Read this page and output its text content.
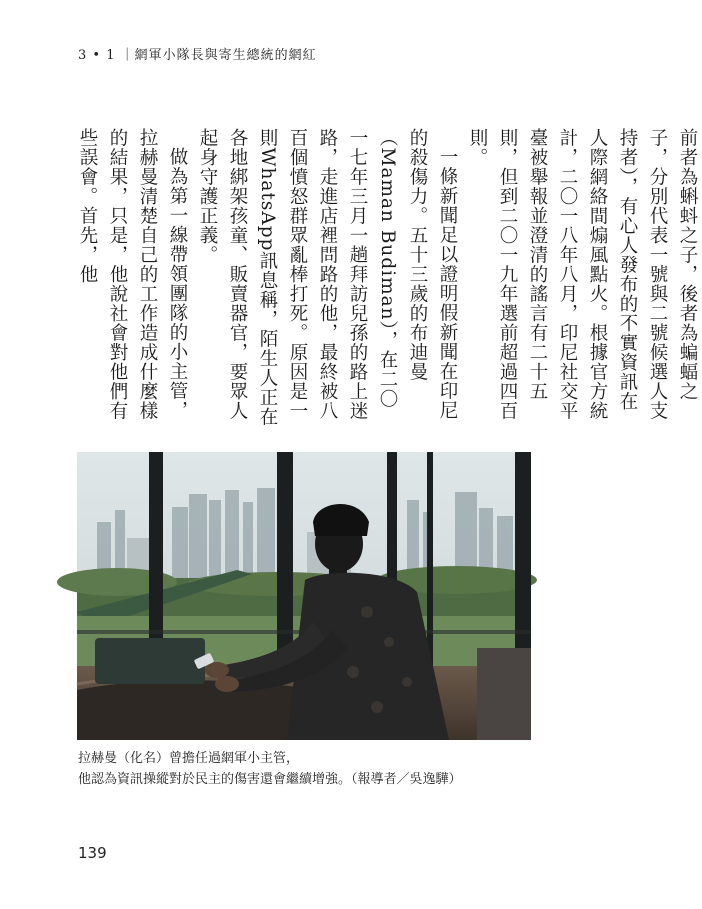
3 • 1 ｜網軍小隊長與寄生總統的網紅

前者為蝌蚪之子，後者為蝙蝠之子，分別代表一號與二號候選人支持者），有心人發布的不實資訊在人際網絡間煽風點火。根據官方統計，二〇一八年八月，印尼社交平臺被舉報並澄清的謠言有二十五則，但到二〇一九年選前超過四百則。

一條新聞足以證明假新聞在印尼的殺傷力。五十三歲的布迪曼（Maman Budiman），在二〇一七年三月一趟拜訪兒孫的路上迷路，走進店裡問路的他，最終被八百個憤怒群眾亂棒打死。原因是一則WhatsApp訊息稱，陌生人正在各地綁架孩童、販賣器官，要眾人起身守護正義。

做為第一線帶領團隊的小主管，拉赫曼清楚自己的工作造成什麼樣的結果，只是，他說社會對他們有些誤會。首先，他

拉赫曼（化名）曾擔任過網軍小主管，
他認為資訊操縱對於民主的傷害還會繼續增強。（報導者／吳逸驊）
139
